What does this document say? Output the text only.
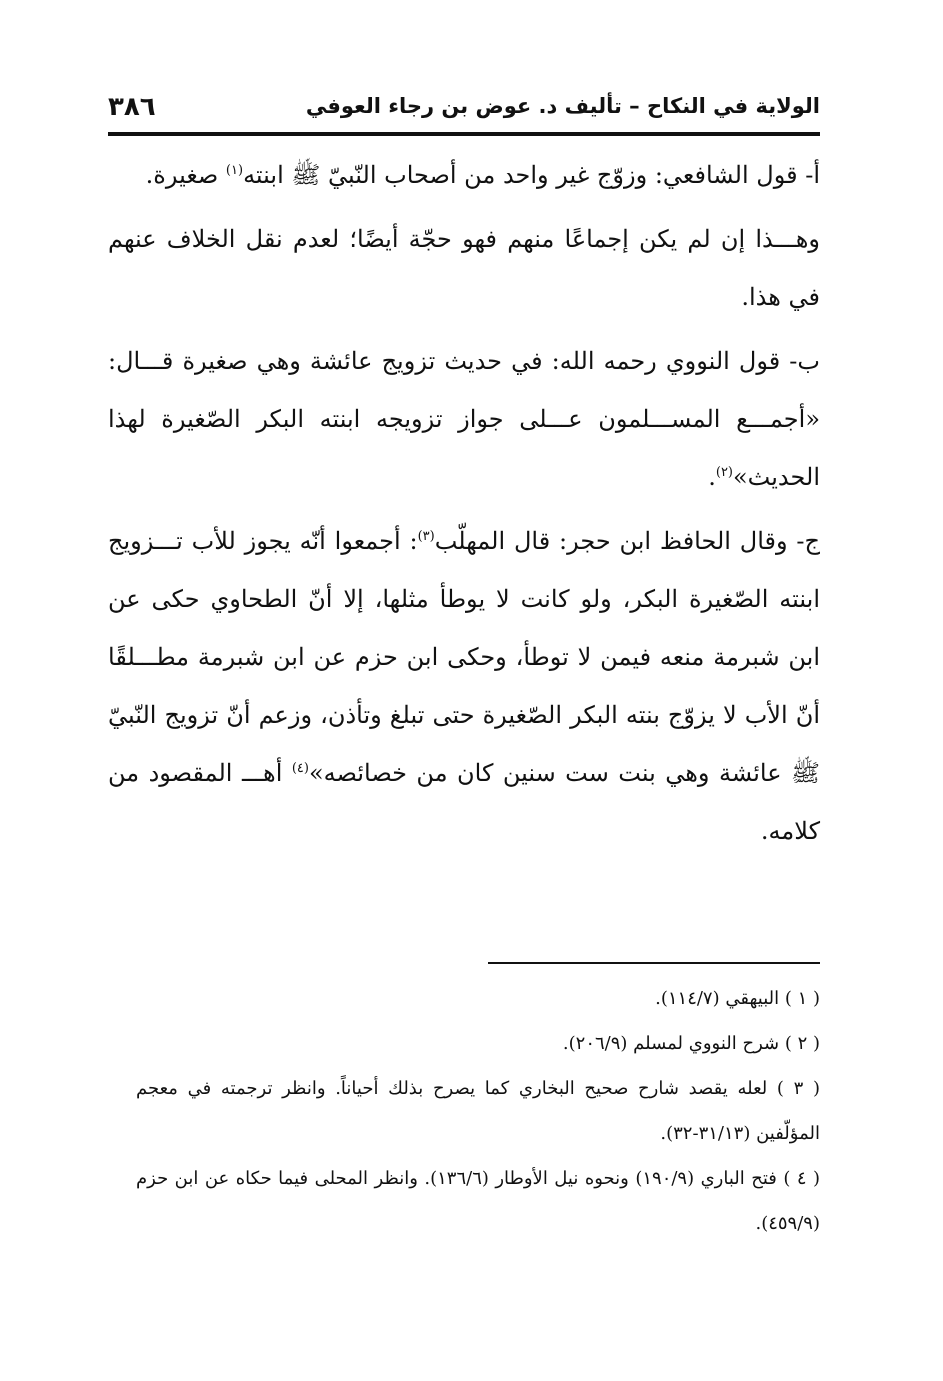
الولاية في النكاح – تأليف د. عوض بن رجاء العوفي
٣٨٦

أ- قول الشافعي: وزوّج غير واحد من أصحاب النّبيّ ﷺ ابنته$^{(١)}$ صغيرة.

وهـــذا إن لم يكن إجماعًا منهم فهو حجّة أيضًا؛ لعدم نقل الخلاف عنهم في هذا.

ب- قول النووي رحمه الله: في حديث تزويج عائشة وهي صغيرة قـــال: «أجمـــع المســـلمون عـــلى جواز تزويجه ابنته البكر الصّغيرة لهذا الحديث»$^{(٢)}$.

ج- وقال الحافظ ابن حجر: قال المهلّب$^{(٣)}$: أجمعوا أنّه يجوز للأب تـــزويج ابنته الصّغيرة البكر، ولو كانت لا يوطأ مثلها، إلا أنّ الطحاوي حكى عن ابن شبرمة منعه فيمن لا توطأ، وحكى ابن حزم عن ابن شبرمة مطـــلقًا أنّ الأب لا يزوّج بنته البكر الصّغيرة حتى تبلغ وتأذن، وزعم أنّ تزويج النّبيّ ﷺ عائشة وهي بنت ست سنين كان من خصائصه»$^{(٤)}$ أهـــ المقصود من كلامه.

( ١ ) البيهقي (١١٤/٧).

( ٢ ) شرح النووي لمسلم (٢٠٦/٩).

( ٣ ) لعله يقصد شارح صحيح البخاري كما يصرح بذلك أحياناً. وانظر ترجمته في معجم المؤلّفين (٣١/١٣-٣٢).

( ٤ ) فتح الباري (١٩٠/٩) ونحوه نيل الأوطار (١٣٦/٦). وانظر المحلى فيما حكاه عن ابن حزم (٤٥٩/٩).
